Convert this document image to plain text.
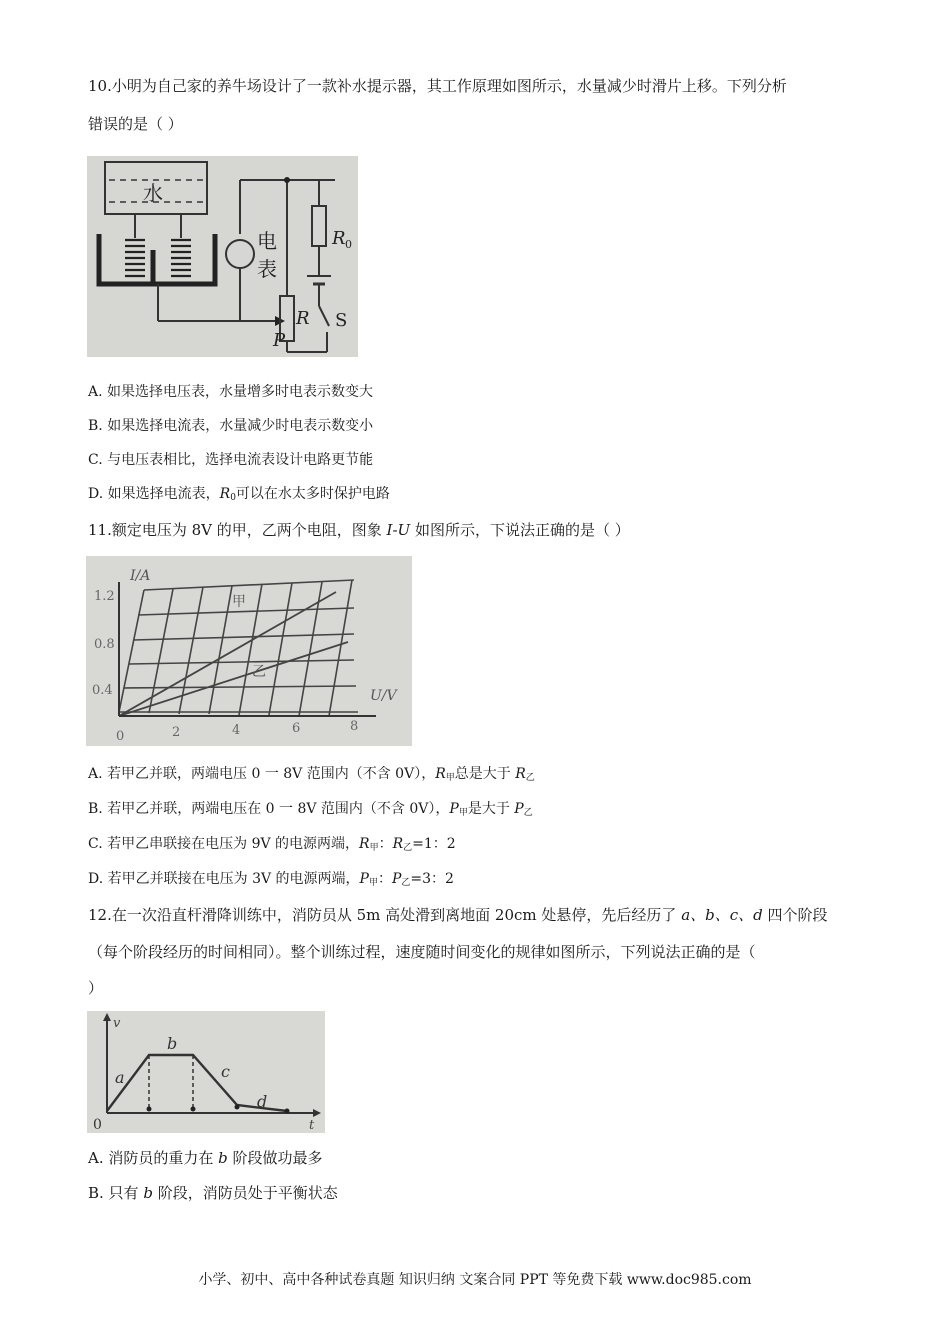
10.小明为自己家的养牛场设计了一款补水提示器，其工作原理如图所示，水量减少时滑片上移。下列分析
错误的是（ ）
水
电
表
R 0
R
P
S
A. 如果选择电压表，水量增多时电表示数变大
B. 如果选择电流表，水量减少时电表示数变小
C. 与电压表相比，选择电流表设计电路更节能
D. 如果选择电流表，$R_0$可以在水太多时保护电路
11.额定电压为 8V 的甲，乙两个电阻，图象 I-U 如图所示，下说法正确的是（ ）
I/A
U/V
1.2
0.8
0.4
0	2	4	6	8
甲
乙
A. 若甲乙并联，两端电压 0 一 8V 范围内（不含 0V），$R_甲$总是大于 $R_乙$
B. 若甲乙并联，两端电压在 0 一 8V 范围内（不含 0V），$P_甲$是大于 $P_乙$
C. 若甲乙串联接在电压为 9V 的电源两端，$R_甲$：$R_乙=1$：2
D. 若甲乙并联接在电压为 3V 的电源两端，$P_甲$：$P_乙=3$：2
12.在一次沿直杆滑降训练中，消防员从 5m 高处滑到离地面 20cm 处悬停，先后经历了 a、b、c、d 四个阶段
（每个阶段经历的时间相同）。整个训练过程，速度随时间变化的规律如图所示，下列说法正确的是（
）
v
t
0
a
b
c
d
A. 消防员的重力在 b 阶段做功最多
B. 只有 b 阶段，消防员处于平衡状态
小学、初中、高中各种试卷真题 知识归纳 文案合同 PPT 等免费下载 www.doc985.com
